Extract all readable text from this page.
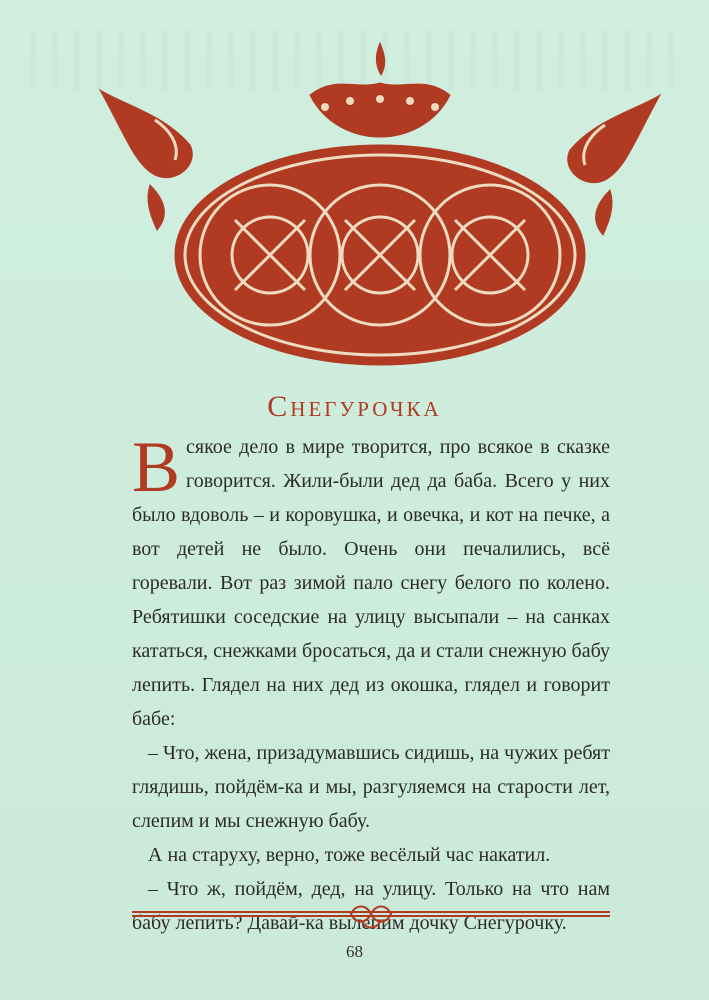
Снегурочка

Всякое дело в мире творится, про всякое в сказке говорится. Жили-были дед да баба. Всего у них было вдоволь – и коровушка, и овечка, и кот на печке, а вот детей не было. Очень они печалились, всё горевали. Вот раз зимой пало снегу белого по колено. Ребятишки соседские на улицу высыпали – на санках кататься, снежками бросаться, да и стали снежную бабу лепить. Глядел на них дед из окошка, глядел и говорит бабе:

– Что, жена, призадумавшись сидишь, на чужих ребят глядишь, пойдём-ка и мы, разгуляемся на старости лет, слепим и мы снежную бабу.

А на старуху, верно, тоже весёлый час накатил.

– Что ж, пойдём, дед, на улицу. Только на что нам бабу лепить? Давай-ка вылепим дочку Снегурочку.

68
